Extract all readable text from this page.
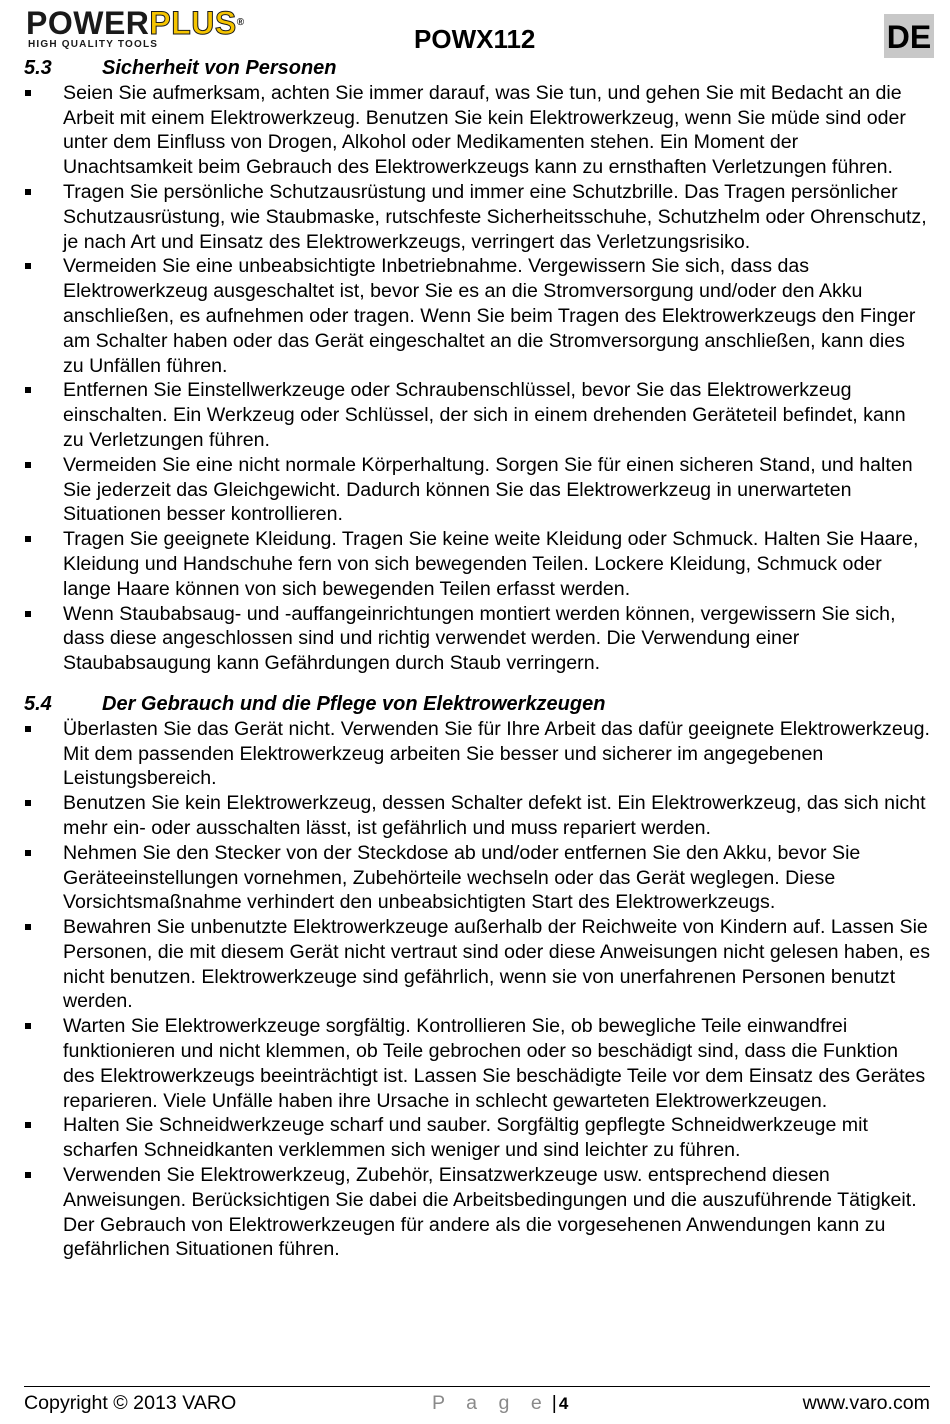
POWERPLUS®
HIGH QUALITY TOOLS	POWX112	DE
5.3	Sicherheit von Personen
Seien Sie aufmerksam, achten Sie immer darauf, was Sie tun, und gehen Sie mit Bedacht an die Arbeit mit einem Elektrowerkzeug. Benutzen Sie kein Elektrowerkzeug, wenn Sie müde sind oder unter dem Einfluss von Drogen, Alkohol oder Medikamenten stehen. Ein Moment der Unachtsamkeit beim Gebrauch des Elektrowerkzeugs kann zu ernsthaften Verletzungen führen.
Tragen Sie persönliche Schutzausrüstung und immer eine Schutzbrille. Das Tragen persönlicher Schutzausrüstung, wie Staubmaske, rutschfeste Sicherheitsschuhe, Schutzhelm oder Ohrenschutz, je nach Art und Einsatz des Elektrowerkzeugs, verringert das Verletzungsrisiko.
Vermeiden Sie eine unbeabsichtigte Inbetriebnahme. Vergewissern Sie sich, dass das Elektrowerkzeug ausgeschaltet ist, bevor Sie es an die Stromversorgung und/oder den Akku anschließen, es aufnehmen oder tragen. Wenn Sie beim Tragen des Elektrowerkzeugs den Finger am Schalter haben oder das Gerät eingeschaltet an die Stromversorgung anschließen, kann dies zu Unfällen führen.
Entfernen Sie Einstellwerkzeuge oder Schraubenschlüssel, bevor Sie das Elektrowerkzeug einschalten. Ein Werkzeug oder Schlüssel, der sich in einem drehenden Geräteteil befindet, kann zu Verletzungen führen.
Vermeiden Sie eine nicht normale Körperhaltung. Sorgen Sie für einen sicheren Stand, und halten Sie jederzeit das Gleichgewicht. Dadurch können Sie das Elektrowerkzeug in unerwarteten Situationen besser kontrollieren.
Tragen Sie geeignete Kleidung. Tragen Sie keine weite Kleidung oder Schmuck. Halten Sie Haare, Kleidung und Handschuhe fern von sich bewegenden Teilen. Lockere Kleidung, Schmuck oder lange Haare können von sich bewegenden Teilen erfasst werden.
Wenn Staubabsaug- und -auffangeinrichtungen montiert werden können, vergewissern Sie sich, dass diese angeschlossen sind und richtig verwendet werden. Die Verwendung einer Staubabsaugung kann Gefährdungen durch Staub verringern.
5.4	Der Gebrauch und die Pflege von Elektrowerkzeugen
Überlasten Sie das Gerät nicht. Verwenden Sie für Ihre Arbeit das dafür geeignete Elektrowerkzeug. Mit dem passenden Elektrowerkzeug arbeiten Sie besser und sicherer im angegebenen Leistungsbereich.
Benutzen Sie kein Elektrowerkzeug, dessen Schalter defekt ist. Ein Elektrowerkzeug, das sich nicht mehr ein- oder ausschalten lässt, ist gefährlich und muss repariert werden.
Nehmen Sie den Stecker von der Steckdose ab und/oder entfernen Sie den Akku, bevor Sie Geräteeinstellungen vornehmen, Zubehörteile wechseln oder das Gerät weglegen. Diese Vorsichtsmaßnahme verhindert den unbeabsichtigten Start des Elektrowerkzeugs.
Bewahren Sie unbenutzte Elektrowerkzeuge außerhalb der Reichweite von Kindern auf. Lassen Sie Personen, die mit diesem Gerät nicht vertraut sind oder diese Anweisungen nicht gelesen haben, es nicht benutzen. Elektrowerkzeuge sind gefährlich, wenn sie von unerfahrenen Personen benutzt werden.
Warten Sie Elektrowerkzeuge sorgfältig. Kontrollieren Sie, ob bewegliche Teile einwandfrei funktionieren und nicht klemmen, ob Teile gebrochen oder so beschädigt sind, dass die Funktion des Elektrowerkzeugs beeinträchtigt ist. Lassen Sie beschädigte Teile vor dem Einsatz des Gerätes reparieren. Viele Unfälle haben ihre Ursache in schlecht gewarteten Elektrowerkzeugen.
Halten Sie Schneidwerkzeuge scharf und sauber. Sorgfältig gepflegte Schneidwerkzeuge mit scharfen Schneidkanten verklemmen sich weniger und sind leichter zu führen.
Verwenden Sie Elektrowerkzeug, Zubehör, Einsatzwerkzeuge usw. entsprechend diesen Anweisungen. Berücksichtigen Sie dabei die Arbeitsbedingungen und die auszuführende Tätigkeit. Der Gebrauch von Elektrowerkzeugen für andere als die vorgesehenen Anwendungen kann zu gefährlichen Situationen führen.
Copyright © 2013 VARO	P a g e | 4	www.varo.com
